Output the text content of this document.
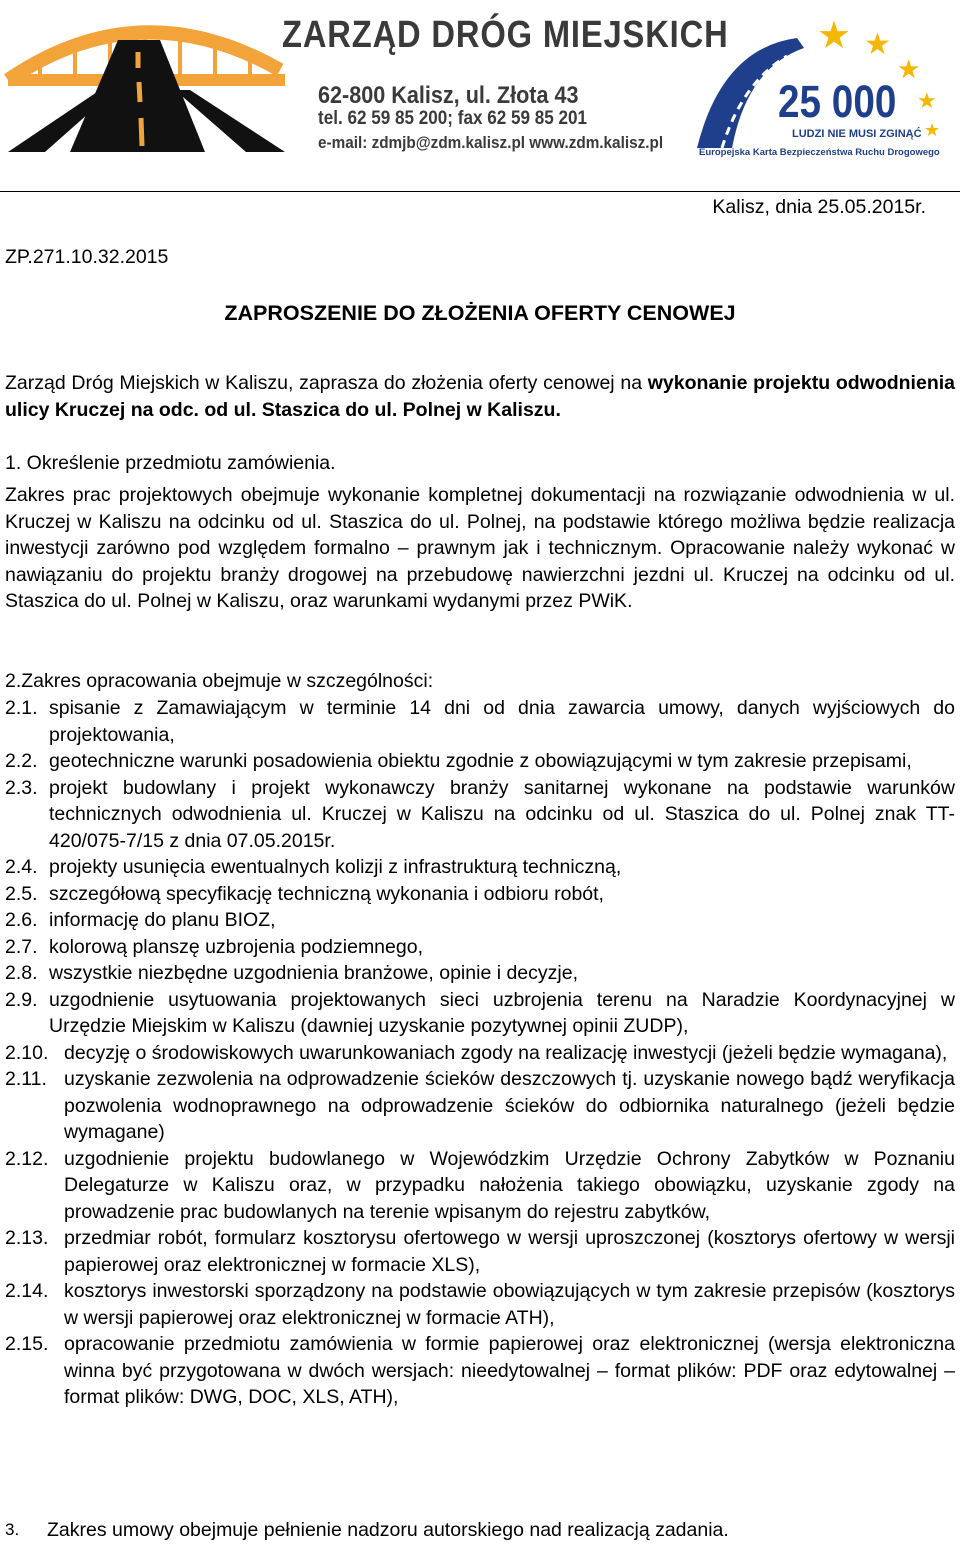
ZARZĄD DRÓG MIEJSKICH
62-800 Kalisz, ul. Złota 43
tel. 62 59 85 200; fax 62 59 85 201
e-mail: zdmjb@zdm.kalisz.pl www.zdm.kalisz.pl
★ ★
★
★
★
25 000
LUDZI NIE MUSI ZGINĄĆ
Europejska Karta Bezpieczeństwa Ruchu Drogowego
Kalisz, dnia 25.05.2015r.
ZP.271.10.32.2015
ZAPROSZENIE DO ZŁOŻENIA OFERTY CENOWEJ
Zarząd Dróg Miejskich w Kaliszu, zaprasza do złożenia oferty cenowej na wykonanie projektu odwodnienia ulicy Kruczej na odc. od ul. Staszica do ul. Polnej w Kaliszu.
1. Określenie przedmiotu zamówienia.
Zakres prac projektowych obejmuje wykonanie kompletnej dokumentacji na rozwiązanie odwodnienia w ul. Kruczej w Kaliszu na odcinku od ul. Staszica do ul. Polnej, na podstawie którego możliwa będzie realizacja inwestycji zarówno pod względem formalno – prawnym jak i technicznym. Opracowanie należy wykonać w nawiązaniu do projektu branży drogowej na przebudowę nawierzchni jezdni ul. Kruczej na odcinku od ul. Staszica do ul. Polnej w Kaliszu, oraz warunkami wydanymi przez PWiK.
2.Zakres opracowania obejmuje w szczególności:
2.1. spisanie z Zamawiającym w terminie 14 dni od dnia zawarcia umowy, danych wyjściowych do projektowania,
2.2. geotechniczne warunki posadowienia obiektu zgodnie z obowiązującymi w tym zakresie przepisami,
2.3. projekt budowlany i projekt wykonawczy branży sanitarnej wykonane na podstawie warunków technicznych odwodnienia ul. Kruczej w Kaliszu na odcinku od ul. Staszica do ul. Polnej znak TT- 420/075-7/15 z dnia 07.05.2015r.
2.4. projekty usunięcia ewentualnych kolizji z infrastrukturą techniczną,
2.5. szczegółową specyfikację techniczną wykonania i odbioru robót,
2.6. informację do planu BIOZ,
2.7. kolorową planszę uzbrojenia podziemnego,
2.8. wszystkie niezbędne uzgodnienia branżowe, opinie i decyzje,
2.9. uzgodnienie usytuowania projektowanych sieci uzbrojenia terenu na Naradzie Koordynacyjnej w Urzędzie Miejskim w Kaliszu (dawniej uzyskanie pozytywnej opinii ZUDP),
2.10. decyzję o środowiskowych uwarunkowaniach zgody na realizację inwestycji (jeżeli będzie wymagana),
2.11. uzyskanie zezwolenia na odprowadzenie ścieków deszczowych tj. uzyskanie nowego bądź weryfikacja pozwolenia wodnoprawnego na odprowadzenie ścieków do odbiornika naturalnego (jeżeli będzie wymagane)
2.12. uzgodnienie projektu budowlanego w Wojewódzkim Urzędzie Ochrony Zabytków w Poznaniu Delegaturze w Kaliszu oraz, w przypadku nałożenia takiego obowiązku, uzyskanie zgody na prowadzenie prac budowlanych na terenie wpisanym do rejestru zabytków,
2.13. przedmiar robót, formularz kosztorysu ofertowego w wersji uproszczonej (kosztorys ofertowy w wersji papierowej oraz elektronicznej w formacie XLS),
2.14. kosztorys inwestorski sporządzony na podstawie obowiązujących w tym zakresie przepisów (kosztorys w wersji papierowej oraz elektronicznej w formacie ATH),
2.15. opracowanie przedmiotu zamówienia w formie papierowej oraz elektronicznej (wersja elektroniczna winna być przygotowana w dwóch wersjach: nieedytowalnej – format plików: PDF oraz edytowalnej – format plików: DWG, DOC, XLS, ATH),
3.	Zakres umowy obejmuje pełnienie nadzoru autorskiego nad realizacją zadania.
